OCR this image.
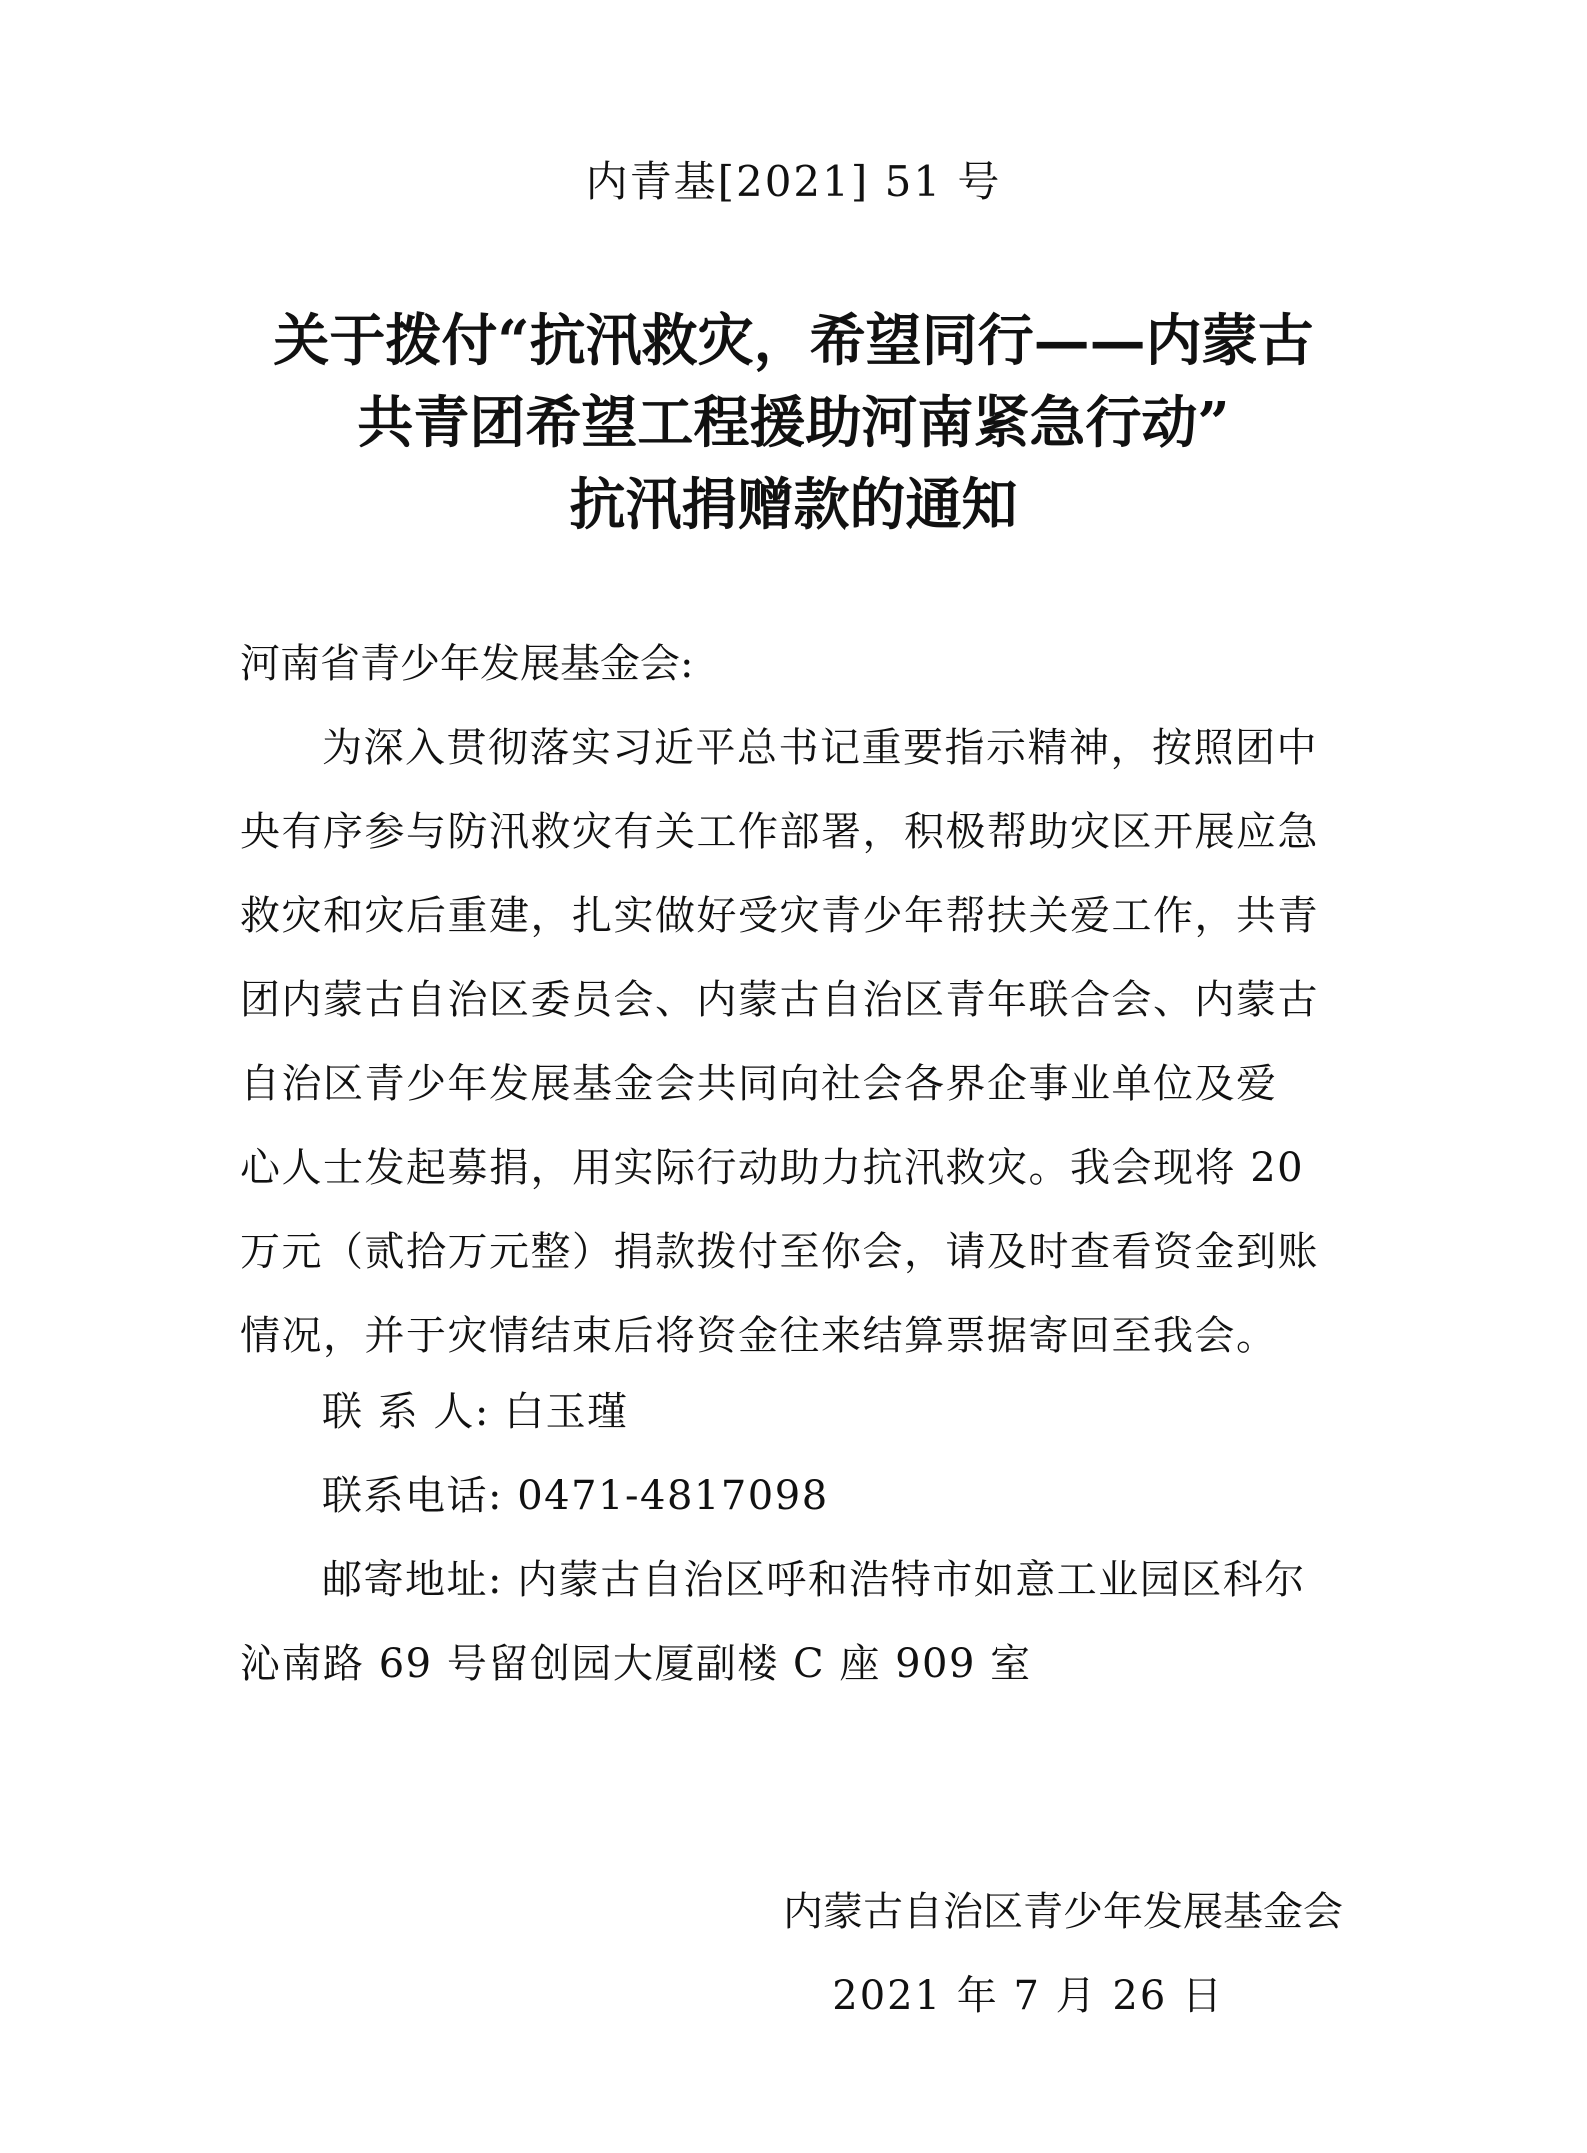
内青基[2021] 51 号
关于拨付“抗汛救灾，希望同行——内蒙古
共青团希望工程援助河南紧急行动”
抗汛捐赠款的通知
河南省青少年发展基金会:
为深入贯彻落实习近平总书记重要指示精神，按照团中
央有序参与防汛救灾有关工作部署，积极帮助灾区开展应急
救灾和灾后重建，扎实做好受灾青少年帮扶关爱工作，共青
团内蒙古自治区委员会、内蒙古自治区青年联合会、内蒙古
自治区青少年发展基金会共同向社会各界企事业单位及爱
心人士发起募捐，用实际行动助力抗汛救灾。我会现将 20
万元（贰拾万元整）捐款拨付至你会，请及时查看资金到账
情况，并于灾情结束后将资金往来结算票据寄回至我会。
联 系 人: 白玉瑾
联系电话: 0471-4817098
邮寄地址: 内蒙古自治区呼和浩特市如意工业园区科尔
沁南路 69 号留创园大厦副楼 C 座 909 室
内蒙古自治区青少年发展基金会
2021 年 7 月 26 日
